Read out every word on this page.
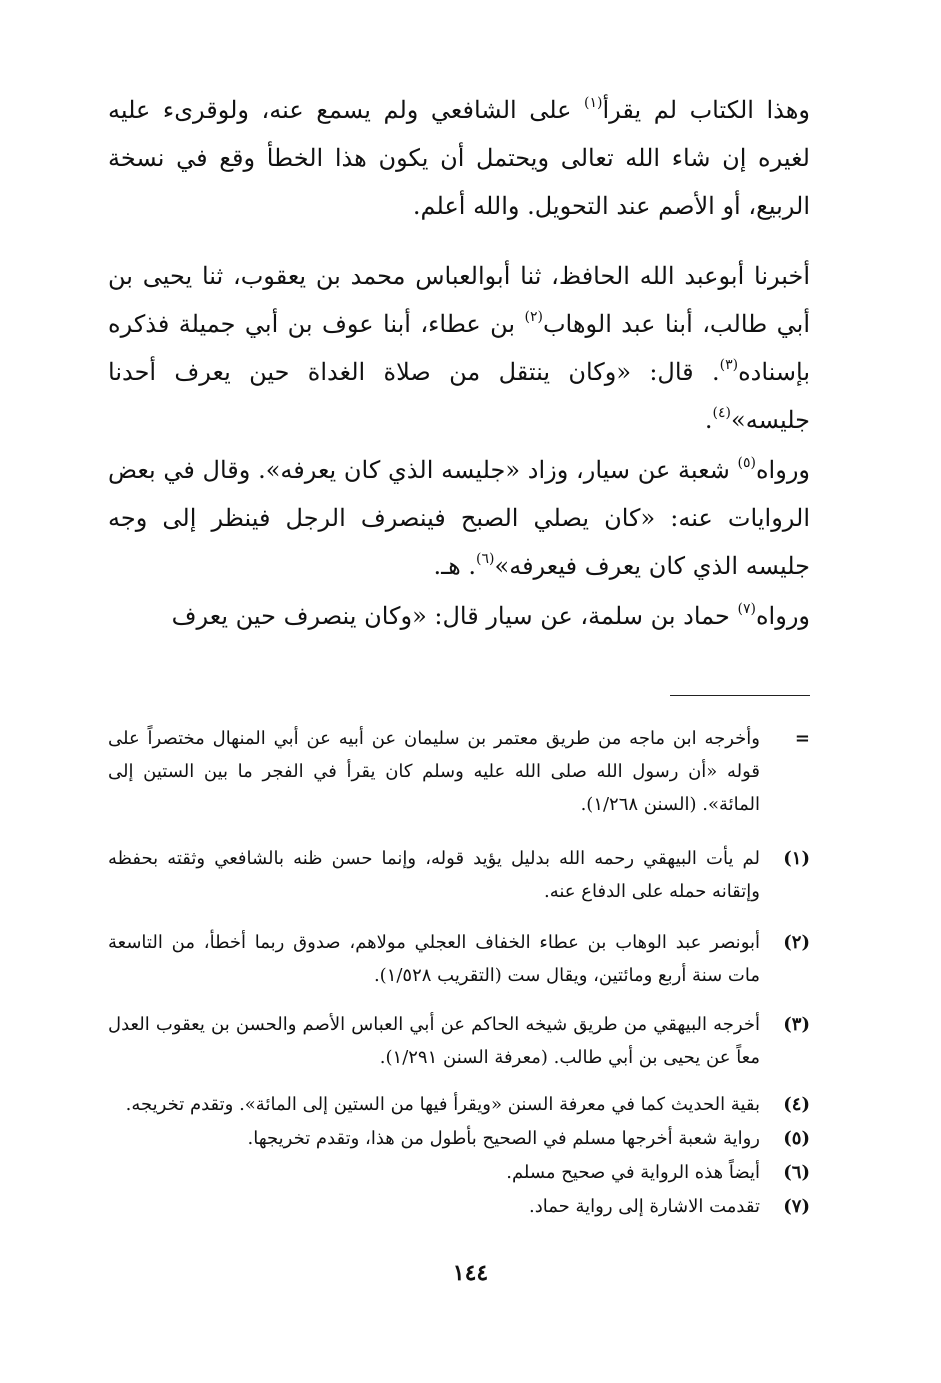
وهذا الكتاب لم يقرأ$^{(١)}$ على الشافعي ولم يسمع عنه، ولوقرىء عليه لغيره إن شاء الله تعالى ويحتمل أن يكون هذا الخطأ وقع في نسخة الربيع، أو الأصم عند التحويل. والله أعلم.

أخبرنا أبوعبد الله الحافظ، ثنا أبوالعباس محمد بن يعقوب، ثنا يحيى بن أبي طالب، أبنا عبد الوهاب$^{(٢)}$ بن عطاء، أبنا عوف بن أبي جميلة فذكره بإسناده$^{(٣)}$. قال: «وكان ينتقل من صلاة الغداة حين يعرف أحدنا جليسه»$^{(٤)}$.

ورواه$^{(٥)}$ شعبة عن سيار، وزاد «جليسه الذي كان يعرفه». وقال في بعض الروايات عنه: «كان يصلي الصبح فينصرف الرجل فينظر إلى وجه جليسه الذي كان يعرف فيعرفه»$^{(٦)}$. هـ.

ورواه$^{(٧)}$ حماد بن سلمة، عن سيار قال: «وكان ينصرف حين يعرف

=
وأخرجه ابن ماجه من طريق معتمر بن سليمان عن أبيه عن أبي المنهال مختصراً على قوله «أن رسول الله صلى الله عليه وسلم كان يقرأ في الفجر ما بين الستين إلى المائة». (السنن ١/٢٦٨).
(١)
لم يأت البيهقي رحمه الله بدليل يؤيد قوله، وإنما حسن ظنه بالشافعي وثقته بحفظه وإتقانه حمله على الدفاع عنه.
(٢)
أبونصر عبد الوهاب بن عطاء الخفاف العجلي مولاهم، صدوق ربما أخطأ، من التاسعة مات سنة أربع ومائتين، ويقال ست (التقريب ١/٥٢٨).
(٣)
أخرجه البيهقي من طريق شيخه الحاكم عن أبي العباس الأصم والحسن بن يعقوب العدل معاً عن يحيى بن أبي طالب. (معرفة السنن ١/٢٩١).
(٤)
بقية الحديث كما في معرفة السنن «ويقرأ فيها من الستين إلى المائة». وتقدم تخريجه.
(٥)
رواية شعبة أخرجها مسلم في الصحيح بأطول من هذا، وتقدم تخريجها.
(٦)
أيضاً هذه الرواية في صحيح مسلم.
(٧)
تقدمت الاشارة إلى رواية حماد.
١٤٤
